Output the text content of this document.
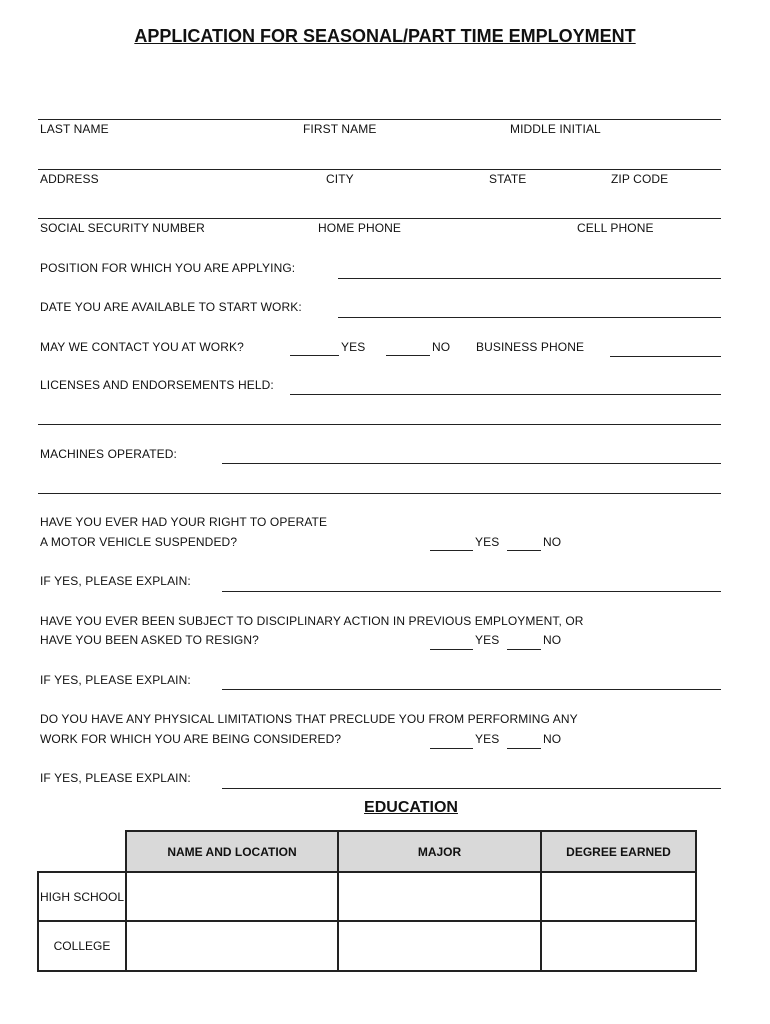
APPLICATION FOR SEASONAL/PART TIME EMPLOYMENT
LAST NAME	FIRST NAME	MIDDLE INITIAL
ADDRESS	CITY	STATE	ZIP CODE
SOCIAL SECURITY NUMBER	HOME PHONE	CELL PHONE
POSITION FOR WHICH YOU ARE APPLYING:
DATE YOU ARE AVAILABLE TO START WORK:
MAY WE CONTACT YOU AT WORK?	YES	NO BUSINESS PHONE
LICENSES AND ENDORSEMENTS HELD:
MACHINES OPERATED:
HAVE YOU EVER HAD YOUR RIGHT TO OPERATE
A MOTOR VEHICLE SUSPENDED?	YES	NO
IF YES, PLEASE EXPLAIN:
HAVE YOU EVER BEEN SUBJECT TO DISCIPLINARY ACTION IN PREVIOUS EMPLOYMENT, OR
HAVE YOU BEEN ASKED TO RESIGN?	YES	NO
IF YES, PLEASE EXPLAIN:
DO YOU HAVE ANY PHYSICAL LIMITATIONS THAT PRECLUDE YOU FROM PERFORMING ANY
WORK FOR WHICH YOU ARE BEING CONSIDERED?	YES	NO
IF YES, PLEASE EXPLAIN:
EDUCATION
	NAME AND LOCATION	MAJOR	DEGREE EARNED
HIGH SCHOOL			
COLLEGE			
